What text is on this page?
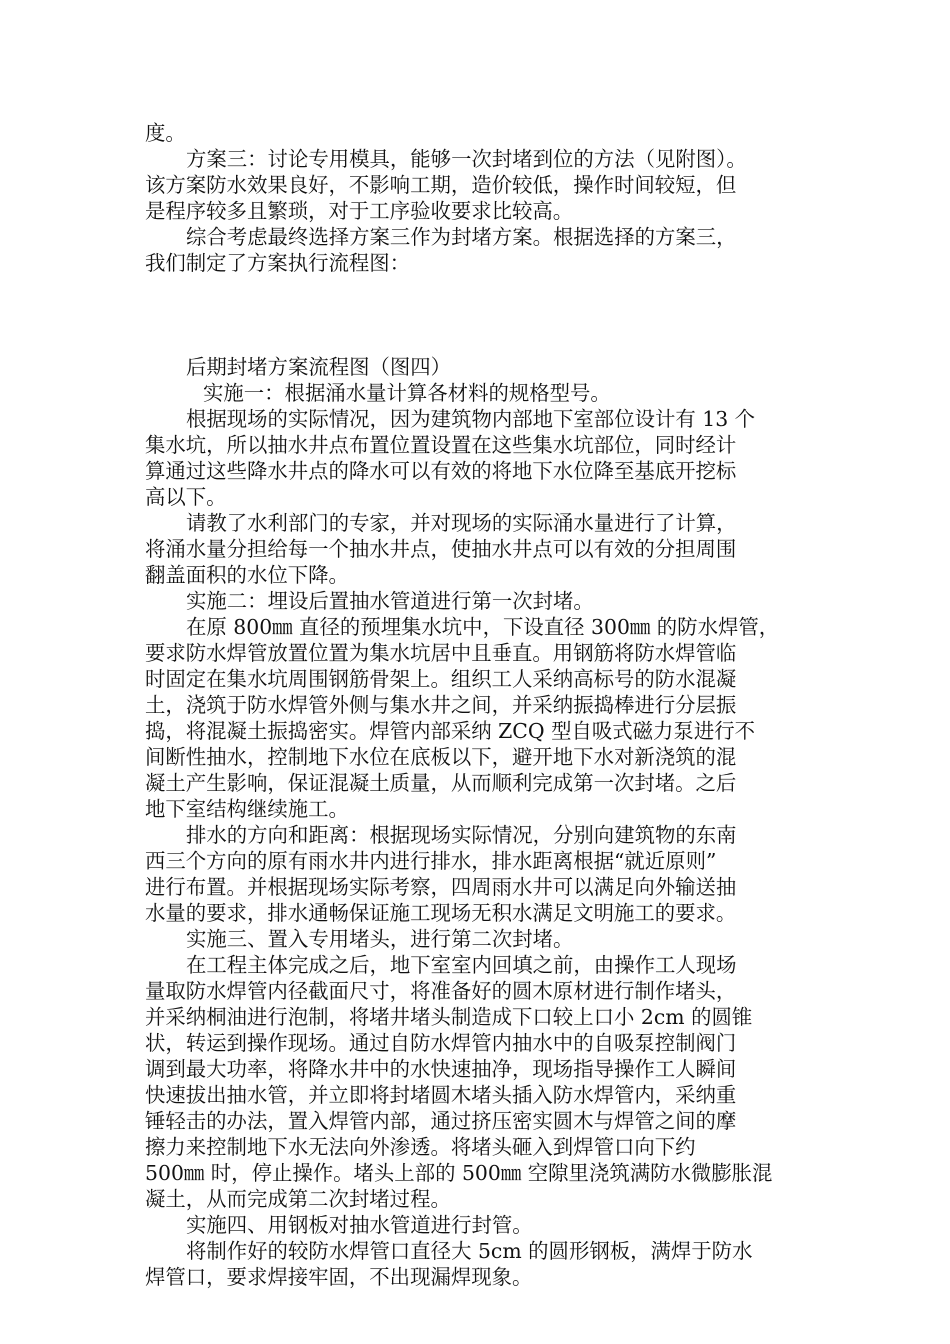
度。

方案三：讨论专用模具，能够一次封堵到位的方法（见附图）。
该方案防水效果良好，不影响工期，造价较低，操作时间较短，但
是程序较多且繁琐，对于工序验收要求比较高。

综合考虑最终选择方案三作为封堵方案。根据选择的方案三，
我们制定了方案执行流程图：

后期封堵方案流程图（图四）

实施一：根据涌水量计算各材料的规格型号。

根据现场的实际情况，因为建筑物内部地下室部位设计有 13 个
集水坑，所以抽水井点布置位置设置在这些集水坑部位，同时经计
算通过这些降水井点的降水可以有效的将地下水位降至基底开挖标
高以下。

请教了水利部门的专家，并对现场的实际涌水量进行了计算，
将涌水量分担给每一个抽水井点，使抽水井点可以有效的分担周围
翻盖面积的水位下降。

实施二：埋设后置抽水管道进行第一次封堵。

在原 800㎜ 直径的预埋集水坑中，下设直径 300㎜ 的防水焊管，
要求防水焊管放置位置为集水坑居中且垂直。用钢筋将防水焊管临
时固定在集水坑周围钢筋骨架上。组织工人采纳高标号的防水混凝
土，浇筑于防水焊管外侧与集水井之间，并采纳振捣棒进行分层振
捣，将混凝土振捣密实。焊管内部采纳 ZCQ 型自吸式磁力泵进行不
间断性抽水，控制地下水位在底板以下，避开地下水对新浇筑的混
凝土产生影响，保证混凝土质量，从而顺利完成第一次封堵。之后
地下室结构继续施工。

排水的方向和距离：根据现场实际情况，分别向建筑物的东南
西三个方向的原有雨水井内进行排水，排水距离根据“就近原则”
进行布置。并根据现场实际考察，四周雨水井可以满足向外输送抽
水量的要求，排水通畅保证施工现场无积水满足文明施工的要求。

实施三、置入专用堵头，进行第二次封堵。

在工程主体完成之后，地下室室内回填之前，由操作工人现场
量取防水焊管内径截面尺寸，将准备好的圆木原材进行制作堵头，
并采纳桐油进行泡制，将堵井堵头制造成下口较上口小 2cm 的圆锥
状，转运到操作现场。通过自防水焊管内抽水中的自吸泵控制阀门
调到最大功率，将降水井中的水快速抽净，现场指导操作工人瞬间
快速拔出抽水管，并立即将封堵圆木堵头插入防水焊管内，采纳重
锤轻击的办法，置入焊管内部，通过挤压密实圆木与焊管之间的摩
擦力来控制地下水无法向外渗透。将堵头砸入到焊管口向下约
500㎜ 时，停止操作。堵头上部的 500㎜ 空隙里浇筑满防水微膨胀混
凝土，从而完成第二次封堵过程。

实施四、用钢板对抽水管道进行封管。

将制作好的较防水焊管口直径大 5cm 的圆形钢板，满焊于防水
焊管口，要求焊接牢固，不出现漏焊现象。
